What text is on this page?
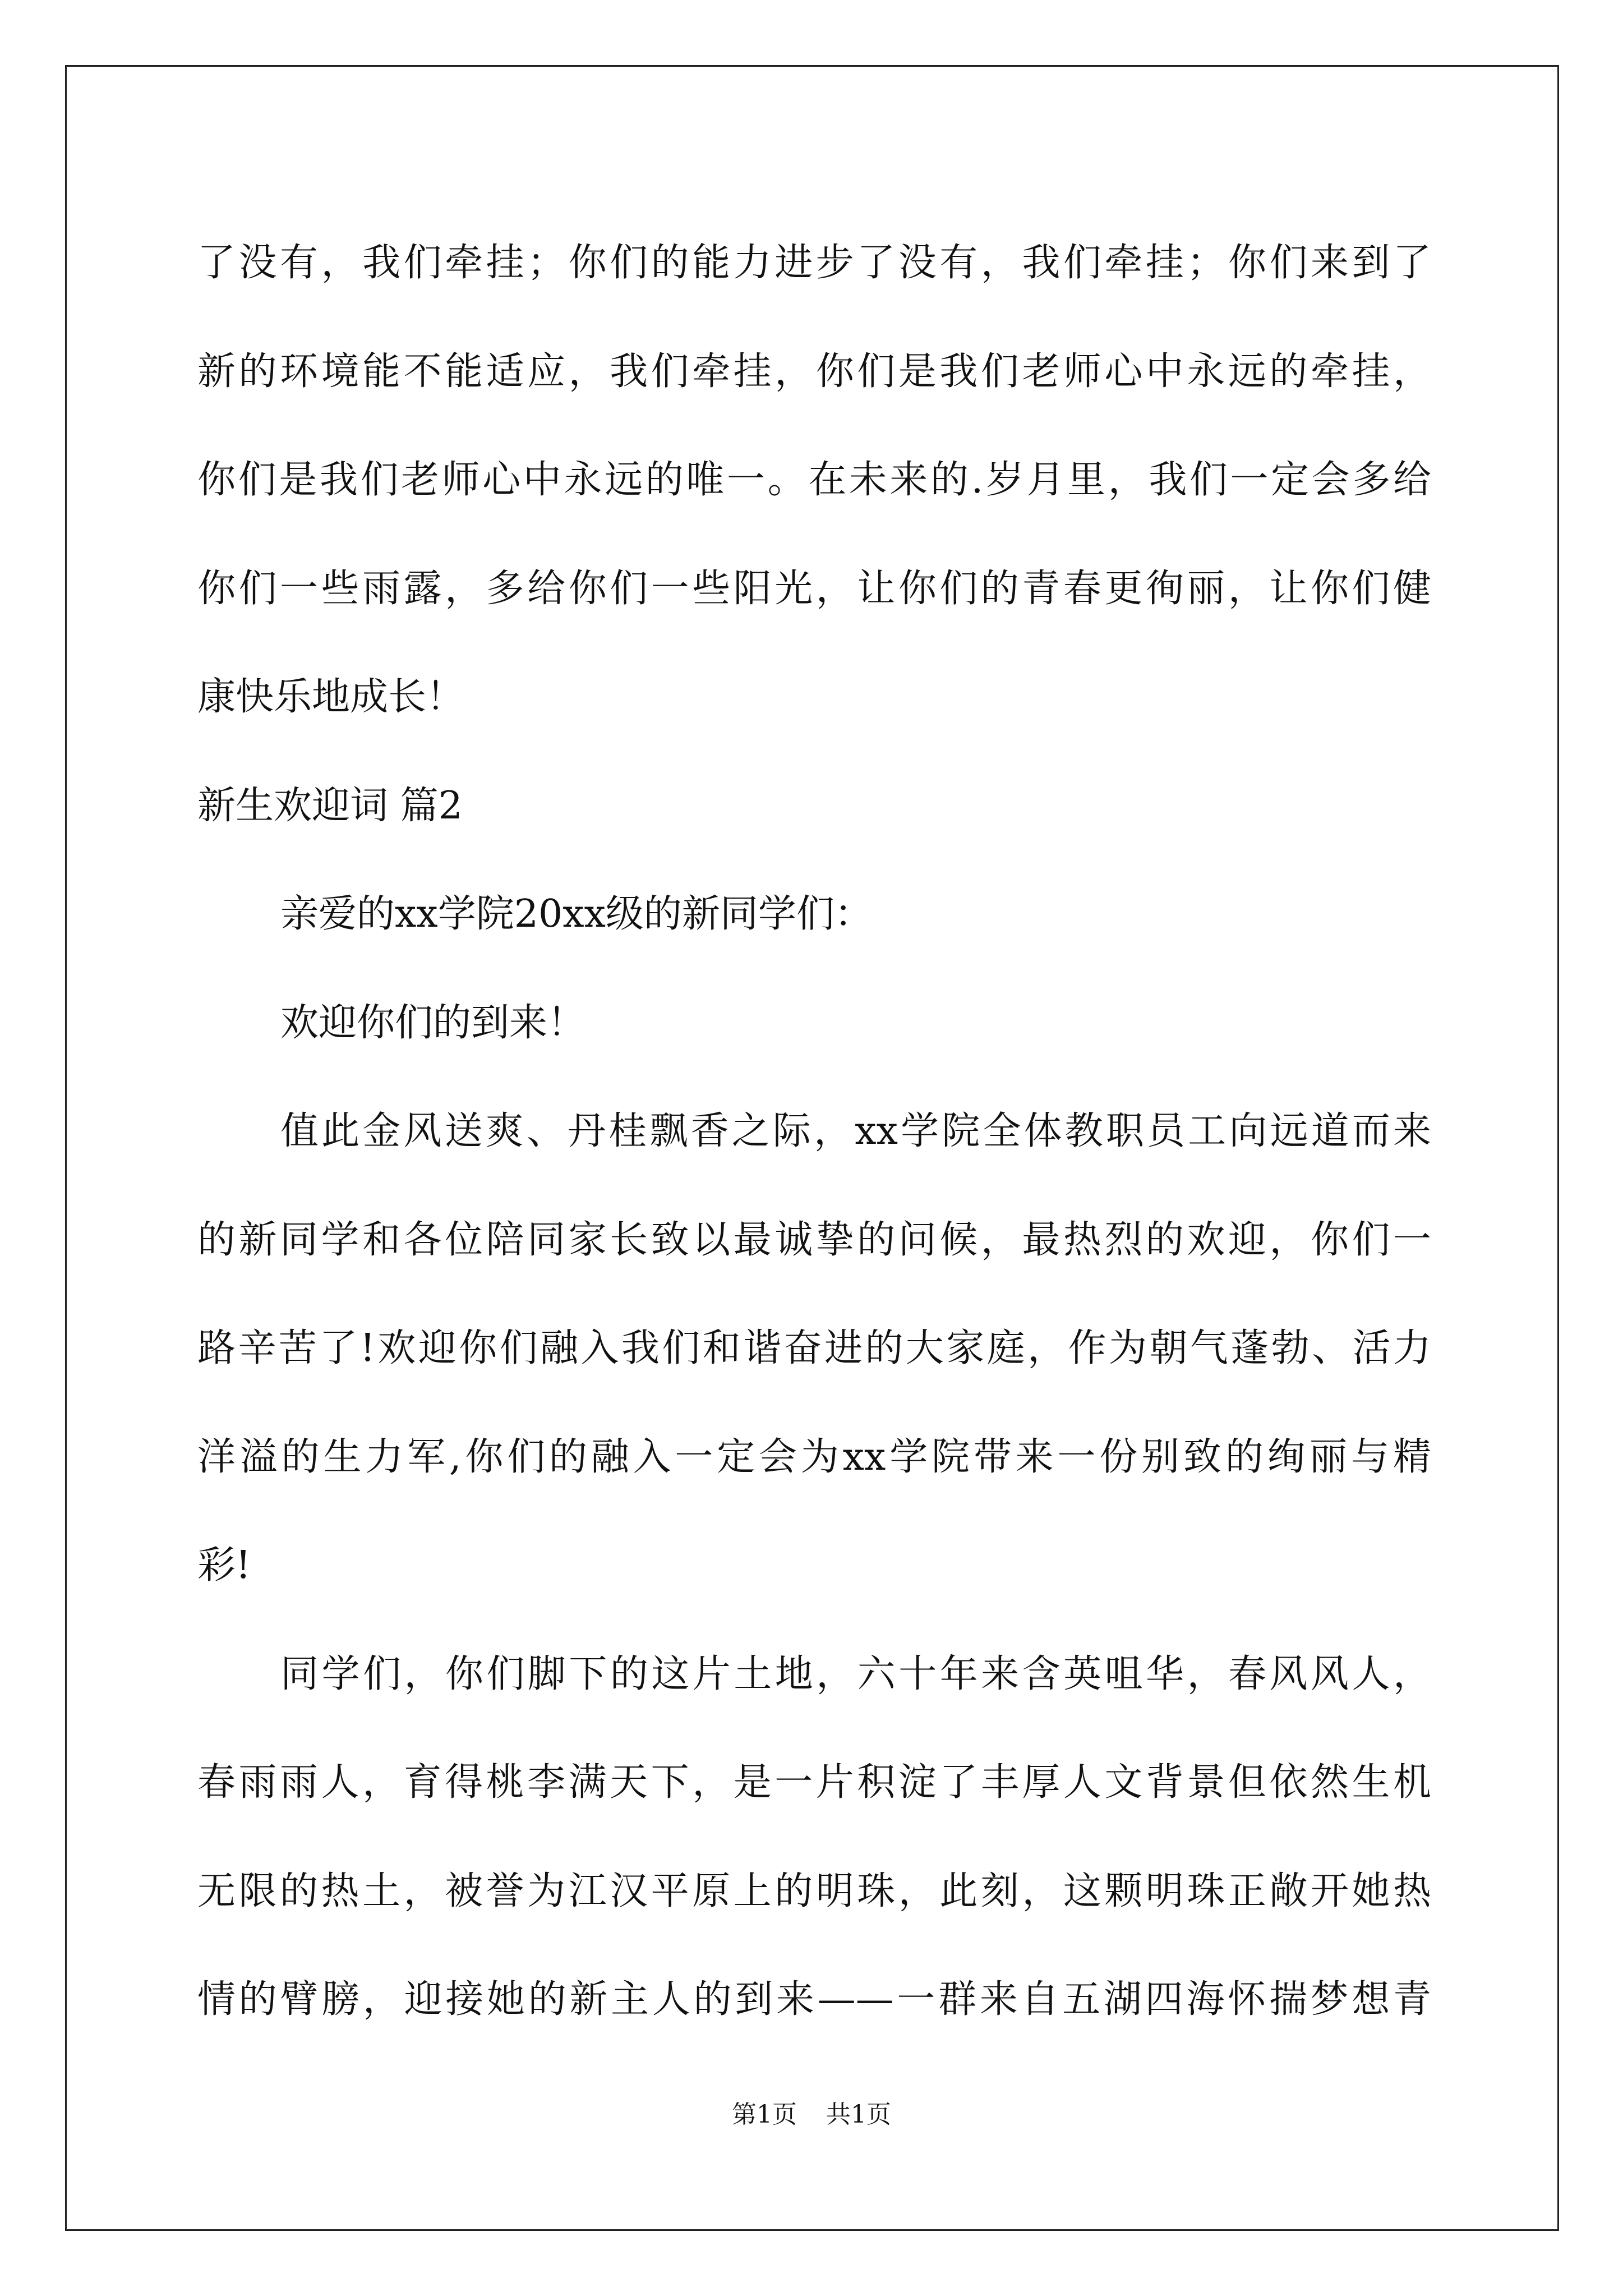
了没有，我们牵挂；你们的能力进步了没有，我们牵挂；你们来到了
新的环境能不能适应，我们牵挂，你们是我们老师心中永远的牵挂，
你们是我们老师心中永远的唯一。在未来的.岁月里，我们一定会多给
你们一些雨露，多给你们一些阳光，让你们的青春更徇丽，让你们健
康快乐地成长！
新生欢迎词 篇2
亲爱的xx学院20xx级的新同学们：
欢迎你们的到来！
值此金风送爽、丹桂飘香之际，xx学院全体教职员工向远道而来
的新同学和各位陪同家长致以最诚挚的问候，最热烈的欢迎，你们一
路辛苦了!欢迎你们融入我们和谐奋进的大家庭，作为朝气蓬勃、活力
洋溢的生力军,你们的融入一定会为xx学院带来一份别致的绚丽与精
彩!
同学们，你们脚下的这片土地，六十年来含英咀华，春风风人，
春雨雨人，育得桃李满天下，是一片积淀了丰厚人文背景但依然生机
无限的热土，被誉为江汉平原上的明珠，此刻，这颗明珠正敞开她热
情的臂膀，迎接她的新主人的到来——一群来自五湖四海怀揣梦想青
第1页 共1页
